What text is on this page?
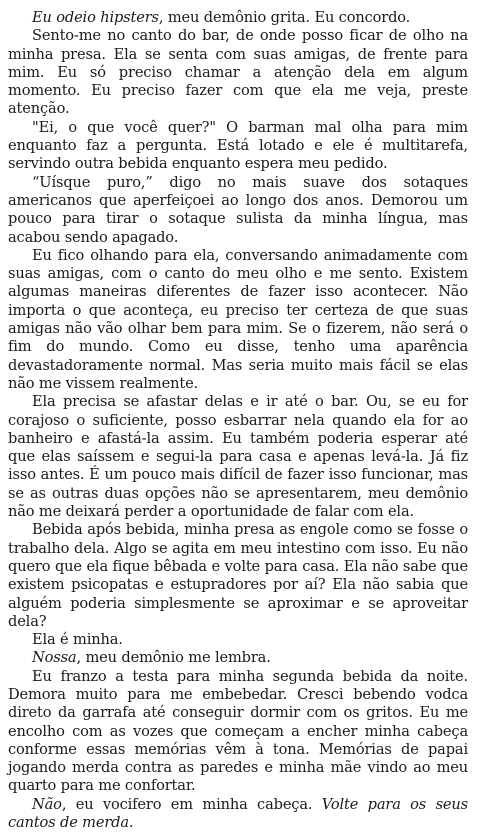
Eu odeio hipsters, meu demônio grita. Eu concordo.

Sento-me no canto do bar, de onde posso ficar de olho na minha presa. Ela se senta com suas amigas, de frente para mim. Eu só preciso chamar a atenção dela em algum momento. Eu preciso fazer com que ela me veja, preste atenção.

"Ei, o que você quer?" O barman mal olha para mim enquanto faz a pergunta. Está lotado e ele é multitarefa, servindo outra bebida enquanto espera meu pedido.

“Uísque puro,” digo no mais suave dos sotaques americanos que aperfeiçoei ao longo dos anos. Demorou um pouco para tirar o sotaque sulista da minha língua, mas acabou sendo apagado.

Eu fico olhando para ela, conversando animadamente com suas amigas, com o canto do meu olho e me sento. Existem algumas maneiras diferentes de fazer isso acontecer. Não importa o que aconteça, eu preciso ter certeza de que suas amigas não vão olhar bem para mim. Se o fizerem, não será o fim do mundo. Como eu disse, tenho uma aparência devastadoramente normal. Mas seria muito mais fácil se elas não me vissem realmente.

Ela precisa se afastar delas e ir até o bar. Ou, se eu for corajoso o suficiente, posso esbarrar nela quando ela for ao banheiro e afastá-la assim. Eu também poderia esperar até que elas saíssem e segui-la para casa e apenas levá-la. Já fiz isso antes. É um pouco mais difícil de fazer isso funcionar, mas se as outras duas opções não se apresentarem, meu demônio não me deixará perder a oportunidade de falar com ela.

Bebida após bebida, minha presa as engole como se fosse o trabalho dela. Algo se agita em meu intestino com isso. Eu não quero que ela fique bêbada e volte para casa. Ela não sabe que existem psicopatas e estupradores por aí? Ela não sabia que alguém poderia simplesmente se aproximar e se aproveitar dela?

Ela é minha.

Nossa, meu demônio me lembra.

Eu franzo a testa para minha segunda bebida da noite. Demora muito para me embebedar. Cresci bebendo vodca direto da garrafa até conseguir dormir com os gritos. Eu me encolho com as vozes que começam a encher minha cabeça conforme essas memórias vêm à tona. Memórias de papai jogando merda contra as paredes e minha mãe vindo ao meu quarto para me confortar.

Não, eu vocifero em minha cabeça. Volte para os seus cantos de merda.
